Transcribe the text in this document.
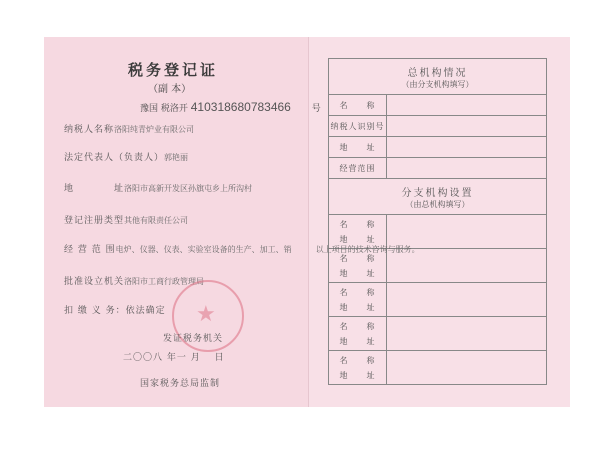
税务登记证
（副 本）
豫国 税洛开 410318680783466 号
纳税人名称洛阳纯青炉业有限公司
法定代表人（负责人）郭艳丽
地　　　　址洛阳市高新开发区孙旗屯乡上所沟村
登记注册类型其他有限责任公司
经 营 范 围电炉、仪器、仪表、实验室设备的生产、加工、销　　　以上项目的技术咨询与服务。
批准设立机关洛阳市工商行政管理局
扣 缴 义 务：依法确定 ★
发证税务机关
二〇〇八 年一 月　 日
国家税务总局监制
总机构情况
（由分支机构填写）	

名　　称	
纳税人识别号	
地　　址	
经营范围	

分支机构设置
（由总机构填写）	

名　　称
地　　址	

名　　称
地　　址	

名　　称
地　　址	

名　　称
地　　址	

名　　称
地　　址	
